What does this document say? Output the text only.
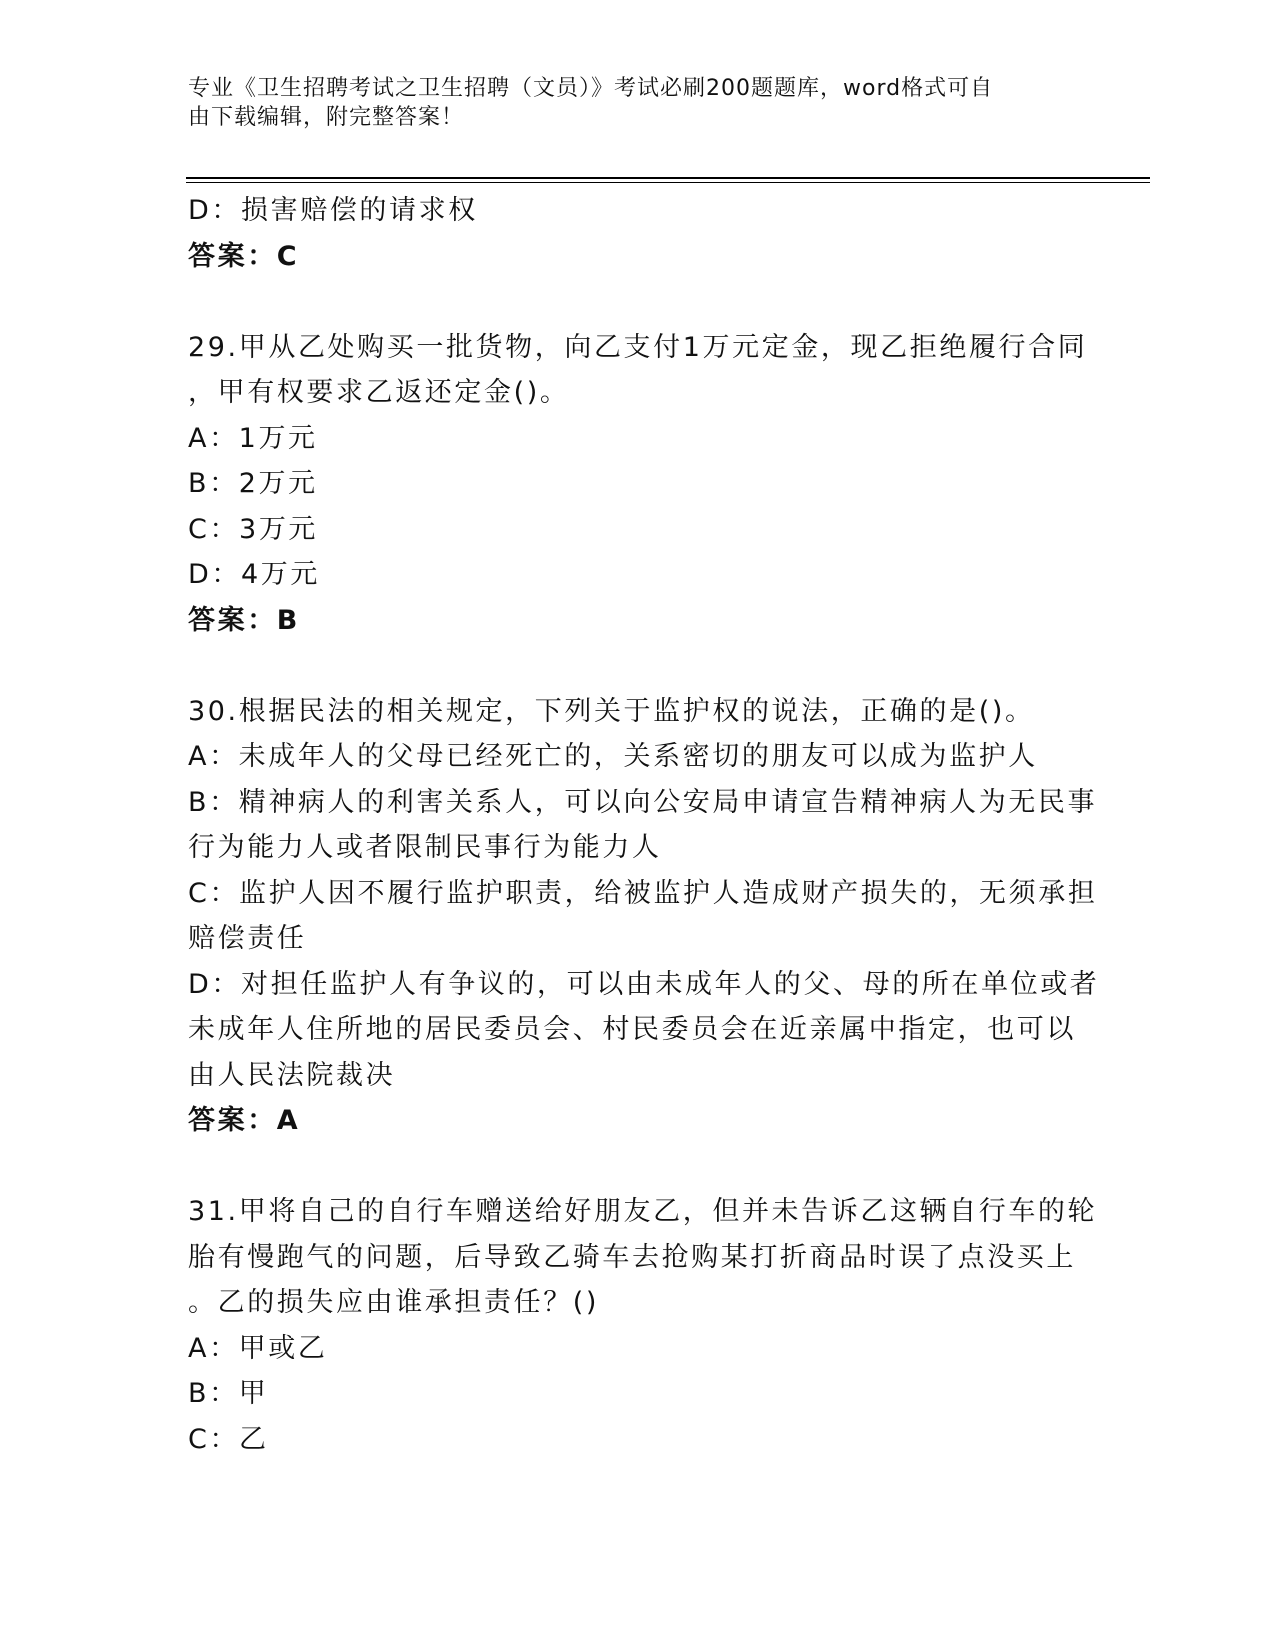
专业《卫生招聘考试之卫生招聘（文员）》考试必刷200题题库，word格式可自
由下载编辑，附完整答案！
D：损害赔偿的请求权
答案：C
29.甲从乙处购买一批货物，向乙支付1万元定金，现乙拒绝履行合同
，甲有权要求乙返还定金()。
A：1万元
B：2万元
C：3万元
D：4万元
答案：B
30.根据民法的相关规定，下列关于监护权的说法，正确的是()。
A：未成年人的父母已经死亡的，关系密切的朋友可以成为监护人
B：精神病人的利害关系人，可以向公安局申请宣告精神病人为无民事
行为能力人或者限制民事行为能力人
C：监护人因不履行监护职责，给被监护人造成财产损失的，无须承担
赔偿责任
D：对担任监护人有争议的，可以由未成年人的父、母的所在单位或者
未成年人住所地的居民委员会、村民委员会在近亲属中指定，也可以
由人民法院裁决
答案：A
31.甲将自己的自行车赠送给好朋友乙，但并未告诉乙这辆自行车的轮
胎有慢跑气的问题，后导致乙骑车去抢购某打折商品时误了点没买上
。乙的损失应由谁承担责任？()
A：甲或乙
B：甲
C：乙
